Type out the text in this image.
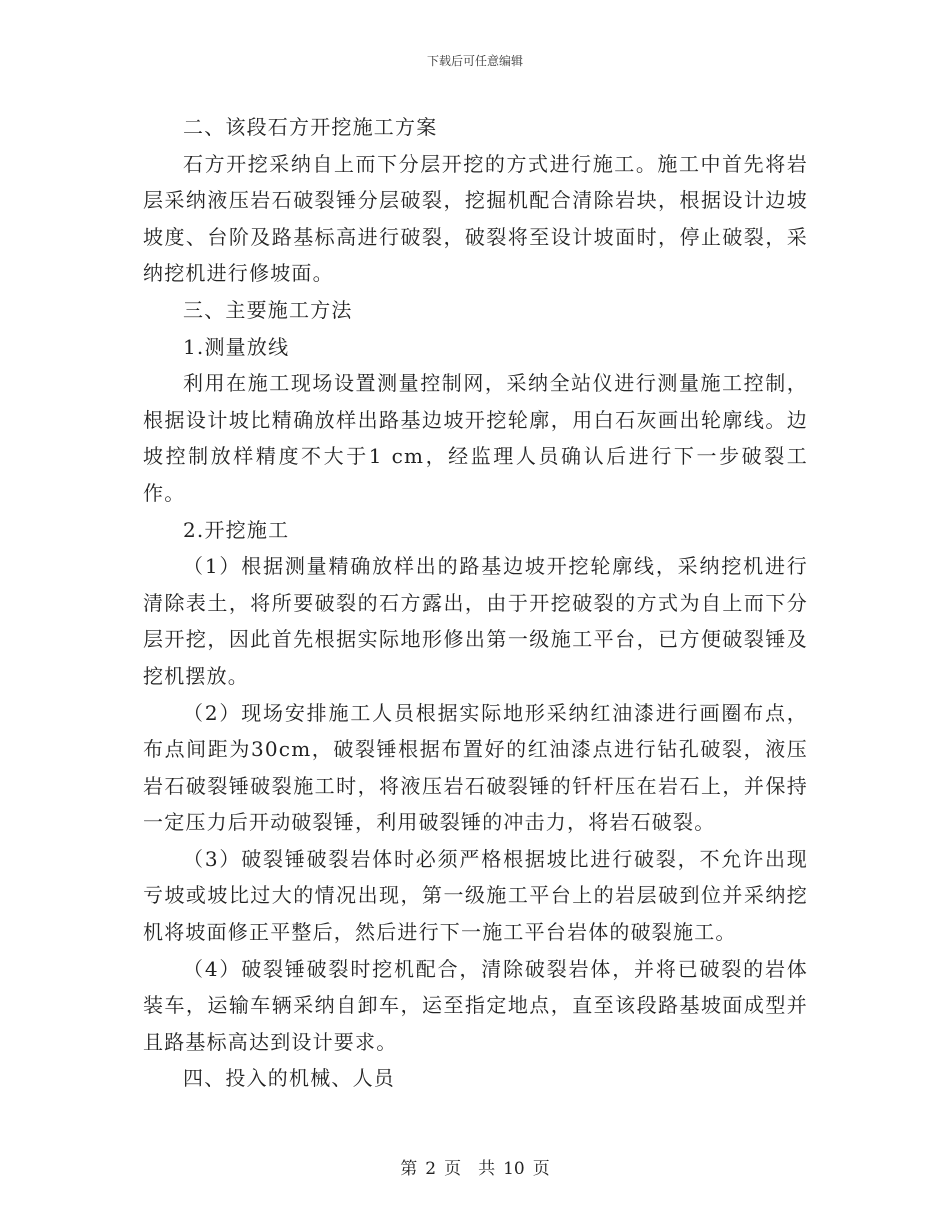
下载后可任意编辑

二、该段石方开挖施工方案

石方开挖采纳自上而下分层开挖的方式进行施工。施工中首先将岩层采纳液压岩石破裂锤分层破裂，挖掘机配合清除岩块，根据设计边坡坡度、台阶及路基标高进行破裂，破裂将至设计坡面时，停止破裂，采纳挖机进行修坡面。

三、主要施工方法

1.测量放线

利用在施工现场设置测量控制网，采纳全站仪进行测量施工控制，根据设计坡比精确放样出路基边坡开挖轮廓，用白石灰画出轮廓线。边坡控制放样精度不大于1 cm，经监理人员确认后进行下一步破裂工作。

2.开挖施工

（1）根据测量精确放样出的路基边坡开挖轮廓线，采纳挖机进行清除表土，将所要破裂的石方露出，由于开挖破裂的方式为自上而下分层开挖，因此首先根据实际地形修出第一级施工平台，已方便破裂锤及挖机摆放。

（2）现场安排施工人员根据实际地形采纳红油漆进行画圈布点，布点间距为30cm，破裂锤根据布置好的红油漆点进行钻孔破裂，液压岩石破裂锤破裂施工时，将液压岩石破裂锤的钎杆压在岩石上，并保持一定压力后开动破裂锤，利用破裂锤的冲击力，将岩石破裂。

（3）破裂锤破裂岩体时必须严格根据坡比进行破裂，不允许出现亏坡或坡比过大的情况出现，第一级施工平台上的岩层破到位并采纳挖机将坡面修正平整后，然后进行下一施工平台岩体的破裂施工。

（4）破裂锤破裂时挖机配合，清除破裂岩体，并将已破裂的岩体装车，运输车辆采纳自卸车，运至指定地点，直至该段路基坡面成型并且路基标高达到设计要求。

四、投入的机械、人员

第 2 页　共 10 页
